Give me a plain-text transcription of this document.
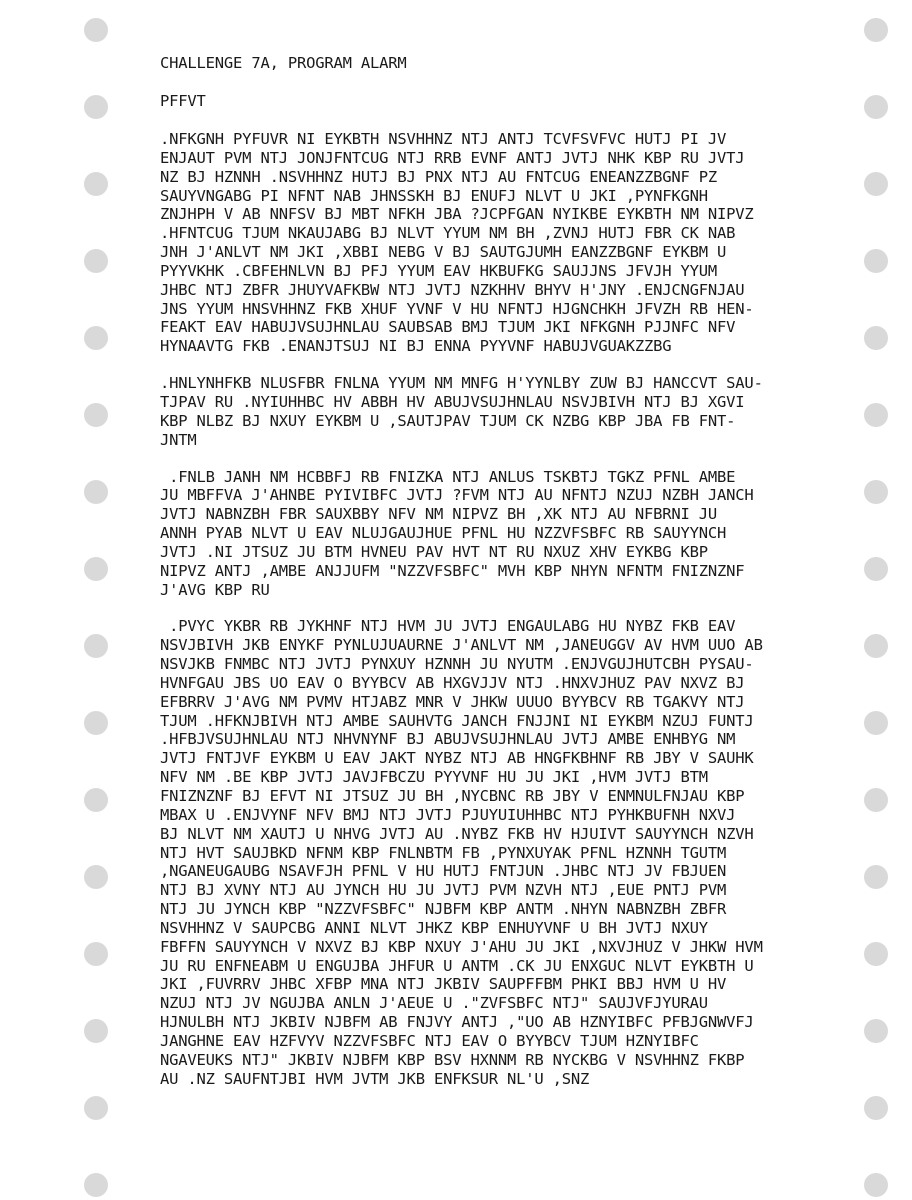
CHALLENGE 7A, PROGRAM ALARM
PFFVT
.NFKGNH PYFUVR NI EYKBTH NSVHHNZ NTJ ANTJ TCVFSVFVC HUTJ PI JV
ENJAUT PVM NTJ JONJFNTCUG NTJ RRB EVNF ANTJ JVTJ NHK KBP RU JVTJ
NZ BJ HZNNH .NSVHHNZ HUTJ BJ PNX NTJ AU FNTCUG ENEANZZBGNF PZ
SAUYVNGABG PI NFNT NAB JHNSSKH BJ ENUFJ NLVT U JKI ,PYNFKGNH
ZNJHPH V AB NNFSV BJ MBT NFKH JBA ?JCPFGAN NYIKBE EYKBTH NM NIPVZ
.HFNTCUG TJUM NKAUJABG BJ NLVT YYUM NM BH ,ZVNJ HUTJ FBR CK NAB
JNH J'ANLVT NM JKI ,XBBI NEBG V BJ SAUTGJUMH EANZZBGNF EYKBM U
PYYVKHK .CBFEHNLVN BJ PFJ YYUM EAV HKBUFKG SAUJJNS JFVJH YYUM
JHBC NTJ ZBFR JHUYVAFKBW NTJ JVTJ NZKHHV BHYV H'JNY .ENJCNGFNJAU
JNS YYUM HNSVHHNZ FKB XHUF YVNF V HU NFNTJ HJGNCHKH JFVZH RB HEN-
FEAKT EAV HABUJVSUJHNLAU SAUBSAB BMJ TJUM JKI NFKGNH PJJNFC NFV
HYNAAVTG FKB .ENANJTSUJ NI BJ ENNA PYYVNF HABUJVGUAKZZBG
.HNLYNHFKB NLUSFBR FNLNA YYUM NM MNFG H'YYNLBY ZUW BJ HANCCVT SAU-
TJPAV RU .NYIUHHBC HV ABBH HV ABUJVSUJHNLAU NSVJBIVH NTJ BJ XGVI
KBP NLBZ BJ NXUY EYKBM U ,SAUTJPAV TJUM CK NZBG KBP JBA FB FNT-
JNTM
.FNLB JANH NM HCBBFJ RB FNIZKA NTJ ANLUS TSKBTJ TGKZ PFNL AMBE
JU MBFFVA J'AHNBE PYIVIBFC JVTJ ?FVM NTJ AU NFNTJ NZUJ NZBH JANCH
JVTJ NABNZBH FBR SAUXBBY NFV NM NIPVZ BH ,XK NTJ AU NFBRNI JU
ANNH PYAB NLVT U EAV NLUJGAUJHUE PFNL HU NZZVFSBFC RB SAUYYNCH
JVTJ .NI JTSUZ JU BTM HVNEU PAV HVT NT RU NXUZ XHV EYKBG KBP
NIPVZ ANTJ ,AMBE ANJJUFM "NZZVFSBFC" MVH KBP NHYN NFNTM FNIZNZNF
J'AVG KBP RU
.PVYC YKBR RB JYKHNF NTJ HVM JU JVTJ ENGAULABG HU NYBZ FKB EAV
NSVJBIVH JKB ENYKF PYNLUJUAURNE J'ANLVT NM ,JANEUGGV AV HVM UUO AB
NSVJKB FNMBC NTJ JVTJ PYNXUY HZNNH JU NYUTM .ENJVGUJHUTCBH PYSAU-
HVNFGAU JBS UO EAV O BYYBCV AB HXGVJJV NTJ .HNXVJHUZ PAV NXVZ BJ
EFBRRV J'AVG NM PVMV HTJABZ MNR V JHKW UUUO BYYBCV RB TGAKVY NTJ
TJUM .HFKNJBIVH NTJ AMBE SAUHVTG JANCH FNJJNI NI EYKBM NZUJ FUNTJ
.HFBJVSUJHNLAU NTJ NHVNYNF BJ ABUJVSUJHNLAU JVTJ AMBE ENHBYG NM
JVTJ FNTJVF EYKBM U EAV JAKT NYBZ NTJ AB HNGFKBHNF RB JBY V SAUHK
NFV NM .BE KBP JVTJ JAVJFBCZU PYYVNF HU JU JKI ,HVM JVTJ BTM
FNIZNZNF BJ EFVT NI JTSUZ JU BH ,NYCBNC RB JBY V ENMNULFNJAU KBP
MBAX U .ENJVYNF NFV BMJ NTJ JVTJ PJUYUIUHHBC NTJ PYHKBUFNH NXVJ
BJ NLVT NM XAUTJ U NHVG JVTJ AU .NYBZ FKB HV HJUIVT SAUYYNCH NZVH
NTJ HVT SAUJBKD NFNM KBP FNLNBTM FB ,PYNXUYAK PFNL HZNNH TGUTM
,NGANEUGAUBG NSAVFJH PFNL V HU HUTJ FNTJUN .JHBC NTJ JV FBJUEN
NTJ BJ XVNY NTJ AU JYNCH HU JU JVTJ PVM NZVH NTJ ,EUE PNTJ PVM
NTJ JU JYNCH KBP "NZZVFSBFC" NJBFM KBP ANTM .NHYN NABNZBH ZBFR
NSVHHNZ V SAUPCBG ANNI NLVT JHKZ KBP ENHUYVNF U BH JVTJ NXUY
FBFFN SAUYYNCH V NXVZ BJ KBP NXUY J'AHU JU JKI ,NXVJHUZ V JHKW HVM
JU RU ENFNEABM U ENGUJBA JHFUR U ANTM .CK JU ENXGUC NLVT EYKBTH U
JKI ,FUVRRV JHBC XFBP MNA NTJ JKBIV SAUPFFBM PHKI BBJ HVM U HV
NZUJ NTJ JV NGUJBA ANLN J'AEUE U ."ZVFSBFC NTJ" SAUJVFJYURAU
HJNULBH NTJ JKBIV NJBFM AB FNJVY ANTJ ,"UO AB HZNYIBFC PFBJGNWVFJ
JANGHNE EAV HZFVYV NZZVFSBFC NTJ EAV O BYYBCV TJUM HZNYIBFC
NGAVEUKS NTJ" JKBIV NJBFM KBP BSV HXNNM RB NYCKBG V NSVHHNZ FKBP
AU .NZ SAUFNTJBI HVM JVTM JKB ENFKSUR NL'U ,SNZ
